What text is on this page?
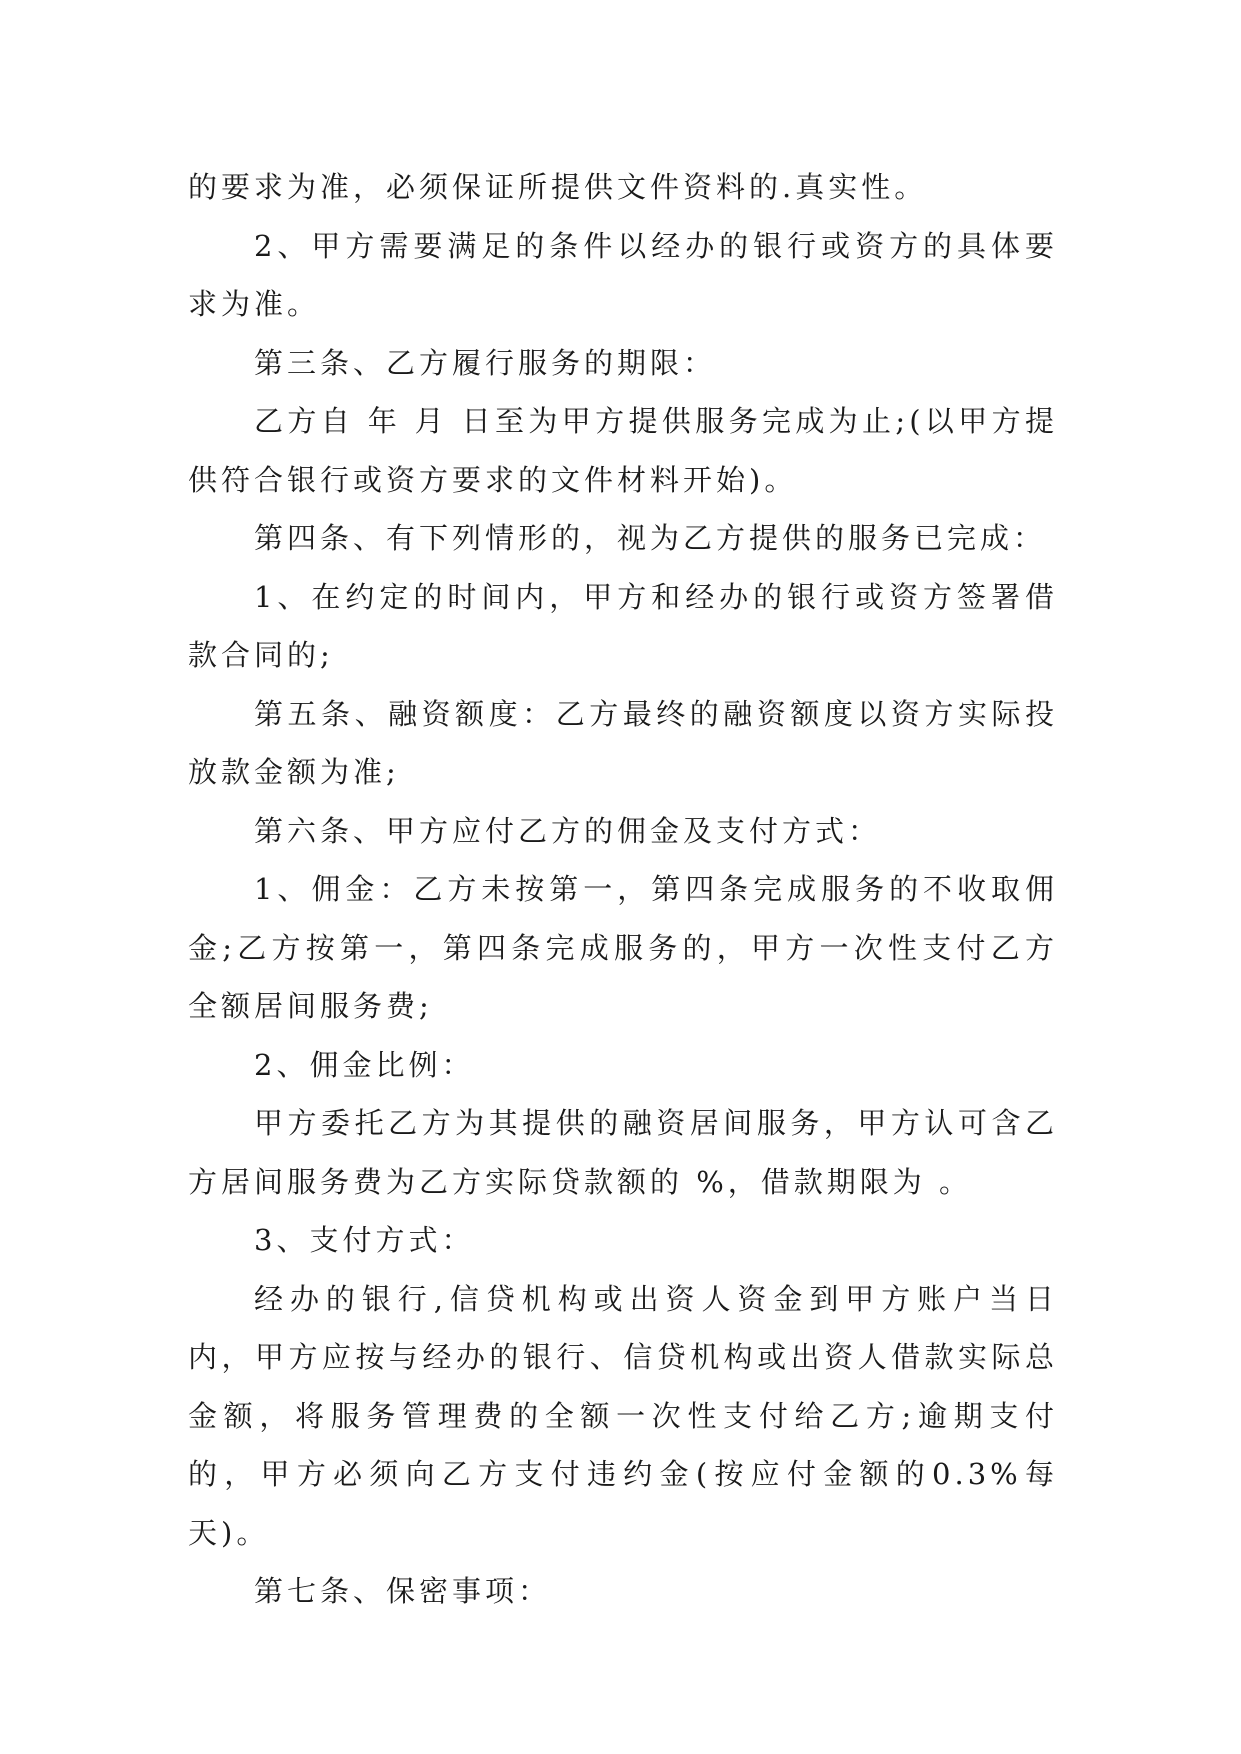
的要求为准，必须保证所提供文件资料的.真实性。

2、甲方需要满足的条件以经办的银行或资方的具体要求为准。

第三条、乙方履行服务的期限：

乙方自 年 月 日至为甲方提供服务完成为止;(以甲方提供符合银行或资方要求的文件材料开始)。

第四条、有下列情形的，视为乙方提供的服务已完成：

1、在约定的时间内，甲方和经办的银行或资方签署借款合同的;

第五条、融资额度：乙方最终的融资额度以资方实际投放款金额为准;

第六条、甲方应付乙方的佣金及支付方式：

1、佣金：乙方未按第一，第四条完成服务的不收取佣金;乙方按第一，第四条完成服务的，甲方一次性支付乙方全额居间服务费;

2、佣金比例：

甲方委托乙方为其提供的融资居间服务，甲方认可含乙方居间服务费为乙方实际贷款额的 %，借款期限为 。

3、支付方式：

经办的银行,信贷机构或出资人资金到甲方账户当日内，甲方应按与经办的银行、信贷机构或出资人借款实际总金额，将服务管理费的全额一次性支付给乙方;逾期支付的，甲方必须向乙方支付违约金(按应付金额的0.3%每天)。

第七条、保密事项：
